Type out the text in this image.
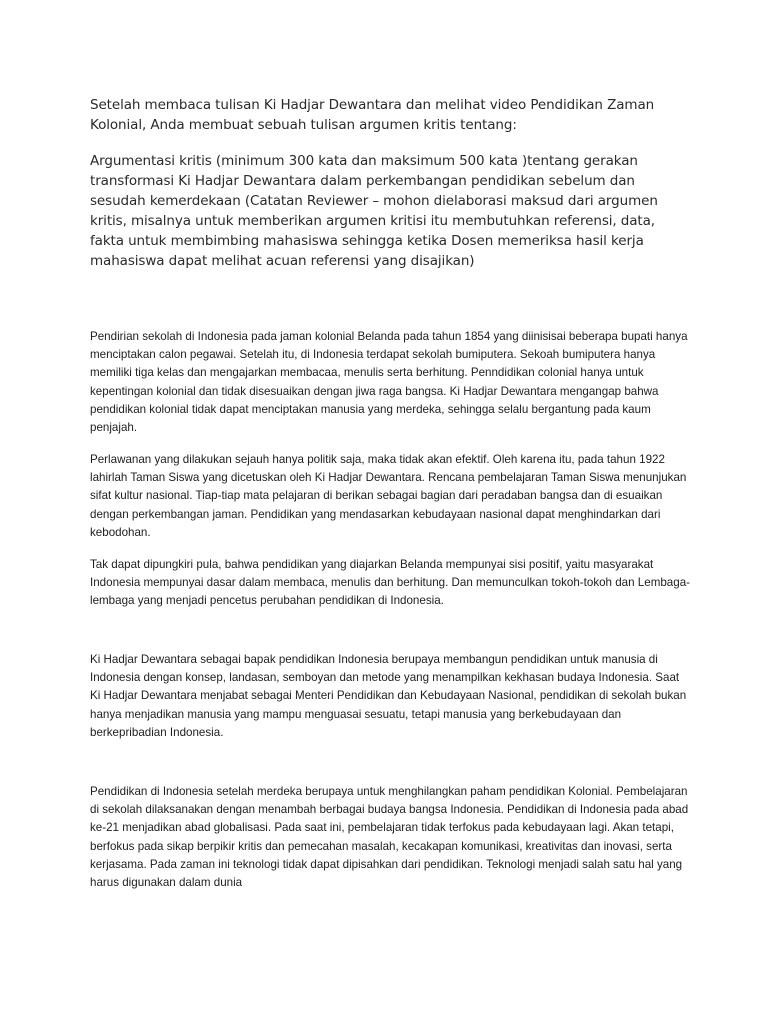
Setelah membaca tulisan Ki Hadjar Dewantara dan melihat video Pendidikan Zaman Kolonial, Anda membuat sebuah tulisan argumen kritis tentang:

Argumentasi kritis (minimum 300 kata dan maksimum 500 kata )tentang gerakan transformasi Ki Hadjar Dewantara dalam perkembangan pendidikan sebelum dan sesudah kemerdekaan (Catatan Reviewer – mohon dielaborasi maksud dari argumen kritis, misalnya untuk memberikan argumen kritisi itu membutuhkan referensi, data, fakta untuk membimbing mahasiswa sehingga ketika Dosen memeriksa hasil kerja mahasiswa dapat melihat acuan referensi yang disajikan)

Pendirian sekolah di Indonesia pada jaman kolonial Belanda pada tahun 1854 yang diinisisai beberapa bupati hanya menciptakan calon pegawai. Setelah itu, di Indonesia terdapat sekolah bumiputera. Sekoah bumiputera hanya memiliki tiga kelas dan mengajarkan membacaa, menulis serta berhitung. Penndidikan colonial hanya untuk kepentingan kolonial dan tidak disesuaikan dengan jiwa raga bangsa. Ki Hadjar Dewantara mengangap bahwa pendidikan kolonial tidak dapat menciptakan manusia yang merdeka, sehingga selalu bergantung pada kaum penjajah.

Perlawanan yang dilakukan sejauh hanya politik saja, maka tidak akan efektif. Oleh karena itu, pada tahun 1922 lahirlah Taman Siswa yang dicetuskan oleh Ki Hadjar Dewantara. Rencana pembelajaran Taman Siswa menunjukan sifat kultur nasional. Tiap-tiap mata pelajaran di berikan sebagai bagian dari peradaban bangsa dan di esuaikan dengan perkembangan jaman. Pendidikan yang mendasarkan kebudayaan nasional dapat menghindarkan dari kebodohan.

Tak dapat dipungkiri pula, bahwa pendidikan yang diajarkan Belanda mempunyai sisi positif, yaitu masyarakat Indonesia mempunyai dasar dalam membaca, menulis dan berhitung. Dan memunculkan tokoh-tokoh dan Lembaga-lembaga yang menjadi pencetus perubahan pendidikan di Indonesia.

Ki Hadjar Dewantara sebagai bapak pendidikan Indonesia berupaya membangun pendidikan untuk manusia di Indonesia dengan konsep, landasan, semboyan dan metode yang menampilkan kekhasan budaya Indonesia. Saat Ki Hadjar Dewantara menjabat sebagai Menteri Pendidikan dan Kebudayaan Nasional, pendidikan di sekolah bukan hanya menjadikan manusia yang mampu menguasai sesuatu, tetapi manusia yang berkebudayaan dan berkepribadian Indonesia.

Pendidikan di Indonesia setelah merdeka berupaya untuk menghilangkan paham pendidikan Kolonial. Pembelajaran di sekolah dilaksanakan dengan menambah berbagai budaya bangsa Indonesia. Pendidikan di Indonesia pada abad ke-21 menjadikan abad globalisasi. Pada saat ini, pembelajaran tidak terfokus pada kebudayaan lagi. Akan tetapi, berfokus pada sikap berpikir kritis dan pemecahan masalah, kecakapan komunikasi, kreativitas dan inovasi, serta kerjasama. Pada zaman ini teknologi tidak dapat dipisahkan dari pendidikan. Teknologi menjadi salah satu hal yang harus digunakan dalam dunia
